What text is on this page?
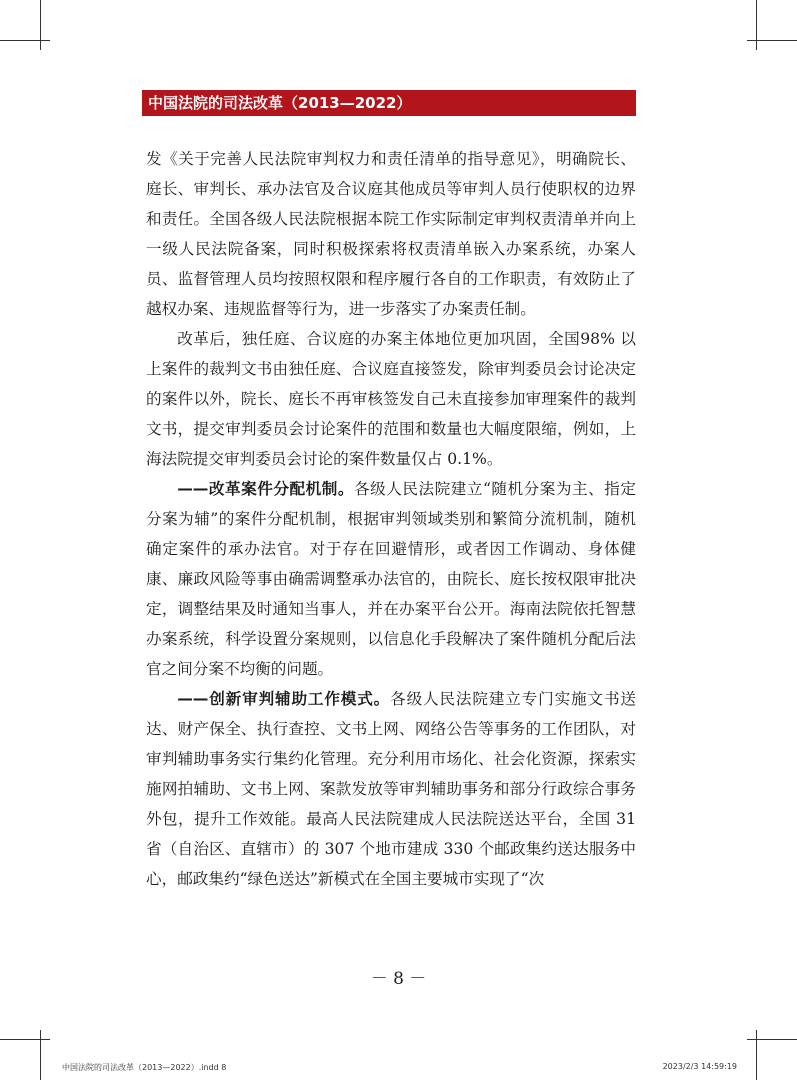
中国法院的司法改革（2013—2022）

发《关于完善人民法院审判权力和责任清单的指导意见》，明确院长、庭长、审判长、承办法官及合议庭其他成员等审判人员行使职权的边界和责任。全国各级人民法院根据本院工作实际制定审判权责清单并向上一级人民法院备案，同时积极探索将权责清单嵌入办案系统，办案人员、监督管理人员均按照权限和程序履行各自的工作职责，有效防止了越权办案、违规监督等行为，进一步落实了办案责任制。

改革后，独任庭、合议庭的办案主体地位更加巩固，全国98% 以上案件的裁判文书由独任庭、合议庭直接签发，除审判委员会讨论决定的案件以外，院长、庭长不再审核签发自己未直接参加审理案件的裁判文书，提交审判委员会讨论案件的范围和数量也大幅度限缩，例如，上海法院提交审判委员会讨论的案件数量仅占 0.1%。

——改革案件分配机制。各级人民法院建立“随机分案为主、指定分案为辅”的案件分配机制，根据审判领域类别和繁简分流机制，随机确定案件的承办法官。对于存在回避情形，或者因工作调动、身体健康、廉政风险等事由确需调整承办法官的，由院长、庭长按权限审批决定，调整结果及时通知当事人，并在办案平台公开。海南法院依托智慧办案系统，科学设置分案规则，以信息化手段解决了案件随机分配后法官之间分案不均衡的问题。

——创新审判辅助工作模式。各级人民法院建立专门实施文书送达、财产保全、执行查控、文书上网、网络公告等事务的工作团队，对审判辅助事务实行集约化管理。充分利用市场化、社会化资源，探索实施网拍辅助、文书上网、案款发放等审判辅助事务和部分行政综合事务外包，提升工作效能。最高人民法院建成人民法院送达平台，全国 31 省（自治区、直辖市）的 307 个地市建成 330 个邮政集约送达服务中心，邮政集约“绿色送达”新模式在全国主要城市实现了“次

－ 8 －
中国法院的司法改革（2013—2022）.indd 8	2023/2/3 14:59:19
